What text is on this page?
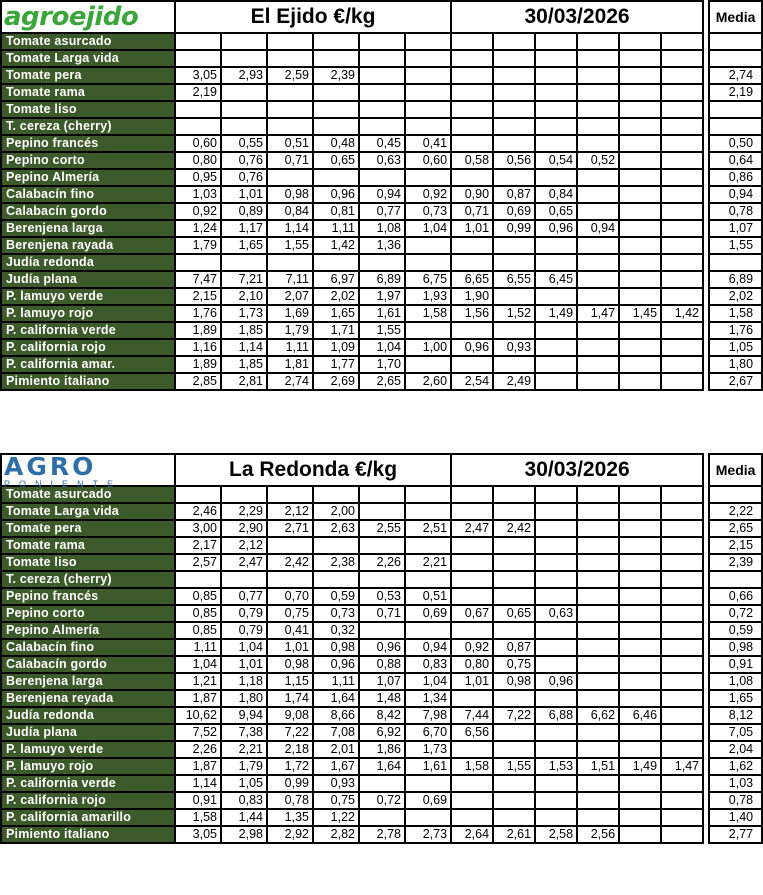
agroejido	El Ejido €/kg						30/03/2026							Media
Tomate asurcado														
Tomate Larga vida														
Tomate pera	3,05	2,93	2,59	2,39										2,74
Tomate rama	2,19													2,19
Tomate liso														
T. cereza (cherry)														
Pepino francés	0,60	0,55	0,51	0,48	0,45	0,41								0,50
Pepino corto	0,80	0,76	0,71	0,65	0,63	0,60	0,58	0,56	0,54	0,52				0,64
Pepino Almería	0,95	0,76												0,86
Calabacín fino	1,03	1,01	0,98	0,96	0,94	0,92	0,90	0,87	0,84					0,94
Calabacín gordo	0,92	0,89	0,84	0,81	0,77	0,73	0,71	0,69	0,65					0,78
Berenjena larga	1,24	1,17	1,14	1,11	1,08	1,04	1,01	0,99	0,96	0,94				1,07
Berenjena rayada	1,79	1,65	1,55	1,42	1,36									1,55
Judía redonda														
Judía plana	7,47	7,21	7,11	6,97	6,89	6,75	6,65	6,55	6,45					6,89
P. lamuyo verde	2,15	2,10	2,07	2,02	1,97	1,93	1,90							2,02
P. lamuyo rojo	1,76	1,73	1,69	1,65	1,61	1,58	1,56	1,52	1,49	1,47	1,45	1,42		1,58
P. california verde	1,89	1,85	1,79	1,71	1,55									1,76
P. california rojo	1,16	1,14	1,11	1,09	1,04	1,00	0,96	0,93						1,05
P. california amar.	1,89	1,85	1,81	1,77	1,70									1,80
Pimiento italiano	2,85	2,81	2,74	2,69	2,65	2,60	2,54	2,49						2,67
AGRO
PONIENTE	La Redonda €/kg						30/03/2026							Media
Tomate asurcado														
Tomate Larga vida	2,46	2,29	2,12	2,00										2,22
Tomate pera	3,00	2,90	2,71	2,63	2,55	2,51	2,47	2,42						2,65
Tomate rama	2,17	2,12												2,15
Tomate liso	2,57	2,47	2,42	2,38	2,26	2,21								2,39
T. cereza (cherry)														
Pepino francés	0,85	0,77	0,70	0,59	0,53	0,51								0,66
Pepino corto	0,85	0,79	0,75	0,73	0,71	0,69	0,67	0,65	0,63					0,72
Pepino Almería	0,85	0,79	0,41	0,32										0,59
Calabacín fino	1,11	1,04	1,01	0,98	0,96	0,94	0,92	0,87						0,98
Calabacín gordo	1,04	1,01	0,98	0,96	0,88	0,83	0,80	0,75						0,91
Berenjena larga	1,21	1,18	1,15	1,11	1,07	1,04	1,01	0,98	0,96					1,08
Berenjena reyada	1,87	1,80	1,74	1,64	1,48	1,34								1,65
Judía redonda	10,62	9,94	9,08	8,66	8,42	7,98	7,44	7,22	6,88	6,62	6,46			8,12
Judía plana	7,52	7,38	7,22	7,08	6,92	6,70	6,56							7,05
P. lamuyo verde	2,26	2,21	2,18	2,01	1,86	1,73								2,04
P. lamuyo rojo	1,87	1,79	1,72	1,67	1,64	1,61	1,58	1,55	1,53	1,51	1,49	1,47		1,62
P. california verde	1,14	1,05	0,99	0,93										1,03
P. california rojo	0,91	0,83	0,78	0,75	0,72	0,69								0,78
P. california amarillo	1,58	1,44	1,35	1,22										1,40
Pimiento italiano	3,05	2,98	2,92	2,82	2,78	2,73	2,64	2,61	2,58	2,56				2,77
